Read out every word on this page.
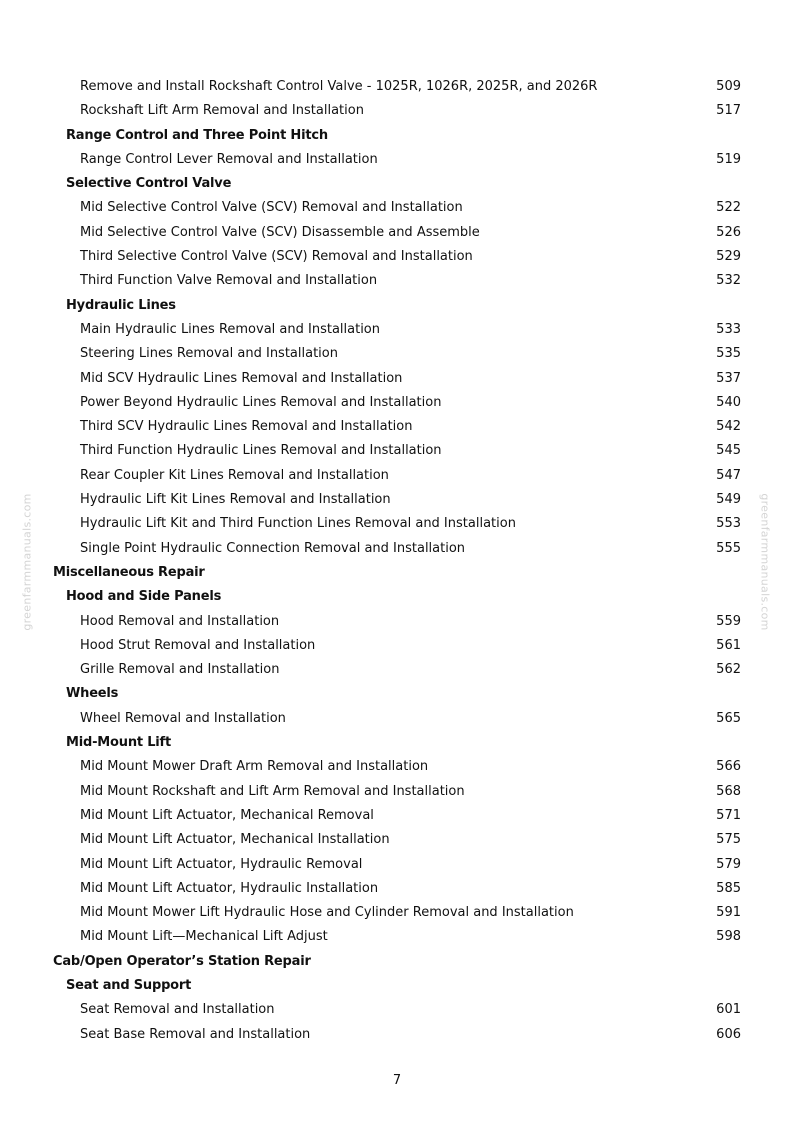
greenfarmmanuals.com	greenfarmmanuals.com
Remove and Install Rockshaft Control Valve - 1025R, 1026R, 2025R, and 2026R	509
Rockshaft Lift Arm Removal and Installation	517
Range Control and Three Point Hitch
Range Control Lever Removal and Installation	519
Selective Control Valve
Mid Selective Control Valve (SCV) Removal and Installation	522
Mid Selective Control Valve (SCV) Disassemble and Assemble	526
Third Selective Control Valve (SCV) Removal and Installation	529
Third Function Valve Removal and Installation	532
Hydraulic Lines
Main Hydraulic Lines Removal and Installation	533
Steering Lines Removal and Installation	535
Mid SCV Hydraulic Lines Removal and Installation	537
Power Beyond Hydraulic Lines Removal and Installation	540
Third SCV Hydraulic Lines Removal and Installation	542
Third Function Hydraulic Lines Removal and Installation	545
Rear Coupler Kit Lines Removal and Installation	547
Hydraulic Lift Kit Lines Removal and Installation	549
Hydraulic Lift Kit and Third Function Lines Removal and Installation	553
Single Point Hydraulic Connection Removal and Installation	555
Miscellaneous Repair
Hood and Side Panels
Hood Removal and Installation	559
Hood Strut Removal and Installation	561
Grille Removal and Installation	562
Wheels
Wheel Removal and Installation	565
Mid-Mount Lift
Mid Mount Mower Draft Arm Removal and Installation	566
Mid Mount Rockshaft and Lift Arm Removal and Installation	568
Mid Mount Lift Actuator, Mechanical Removal	571
Mid Mount Lift Actuator, Mechanical Installation	575
Mid Mount Lift Actuator, Hydraulic Removal	579
Mid Mount Lift Actuator, Hydraulic Installation	585
Mid Mount Mower Lift Hydraulic Hose and Cylinder Removal and Installation	591
Mid Mount Lift—Mechanical Lift Adjust	598
Cab/Open Operator’s Station Repair
Seat and Support
Seat Removal and Installation	601
Seat Base Removal and Installation	606
7
